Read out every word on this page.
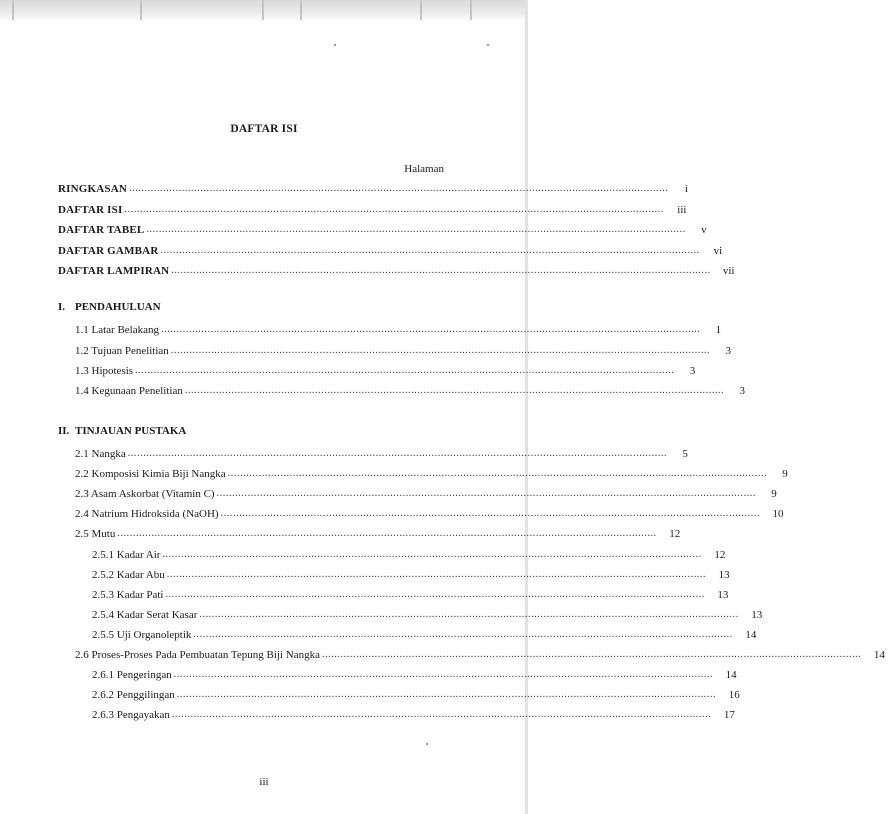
DAFTAR ISI
Halaman
RINGKASAN ..............................................................................................................................................................................	i
DAFTAR ISI ..............................................................................................................................................................................	iii
DAFTAR TABEL ..............................................................................................................................................................................	v
DAFTAR GAMBAR ..............................................................................................................................................................................	vi
DAFTAR LAMPIRAN ..............................................................................................................................................................................	vii
I. PENDAHULUAN
1.1 Latar Belakang ..............................................................................................................................................................................	1
1.2 Tujuan Penelitian ..............................................................................................................................................................................	3
1.3 Hipotesis ..............................................................................................................................................................................	3
1.4 Kegunaan Penelitian ..............................................................................................................................................................................	3
II. TINJAUAN PUSTAKA
2.1 Nangka ..............................................................................................................................................................................	5
2.2 Komposisi Kimia Biji Nangka ..............................................................................................................................................................................	9
2.3 Asam Askorbat (Vitamin C) ..............................................................................................................................................................................	9
2.4 Natrium Hidroksida (NaOH) ..............................................................................................................................................................................	10
2.5 Mutu ..............................................................................................................................................................................	12
2.5.1 Kadar Air ..............................................................................................................................................................................	12
2.5.2 Kadar Abu ..............................................................................................................................................................................	13
2.5.3 Kadar Pati ..............................................................................................................................................................................	13
2.5.4 Kadar Serat Kasar ..............................................................................................................................................................................	13
2.5.5 Uji Organoleptik ..............................................................................................................................................................................	14
2.6 Proses-Proses Pada Pembuatan Tepung Biji Nangka ..............................................................................................................................................................................	14
2.6.1 Pengeringan ..............................................................................................................................................................................	14
2.6.2 Penggilingan ..............................................................................................................................................................................	16
2.6.3 Pengayakan ..............................................................................................................................................................................	17
iii
